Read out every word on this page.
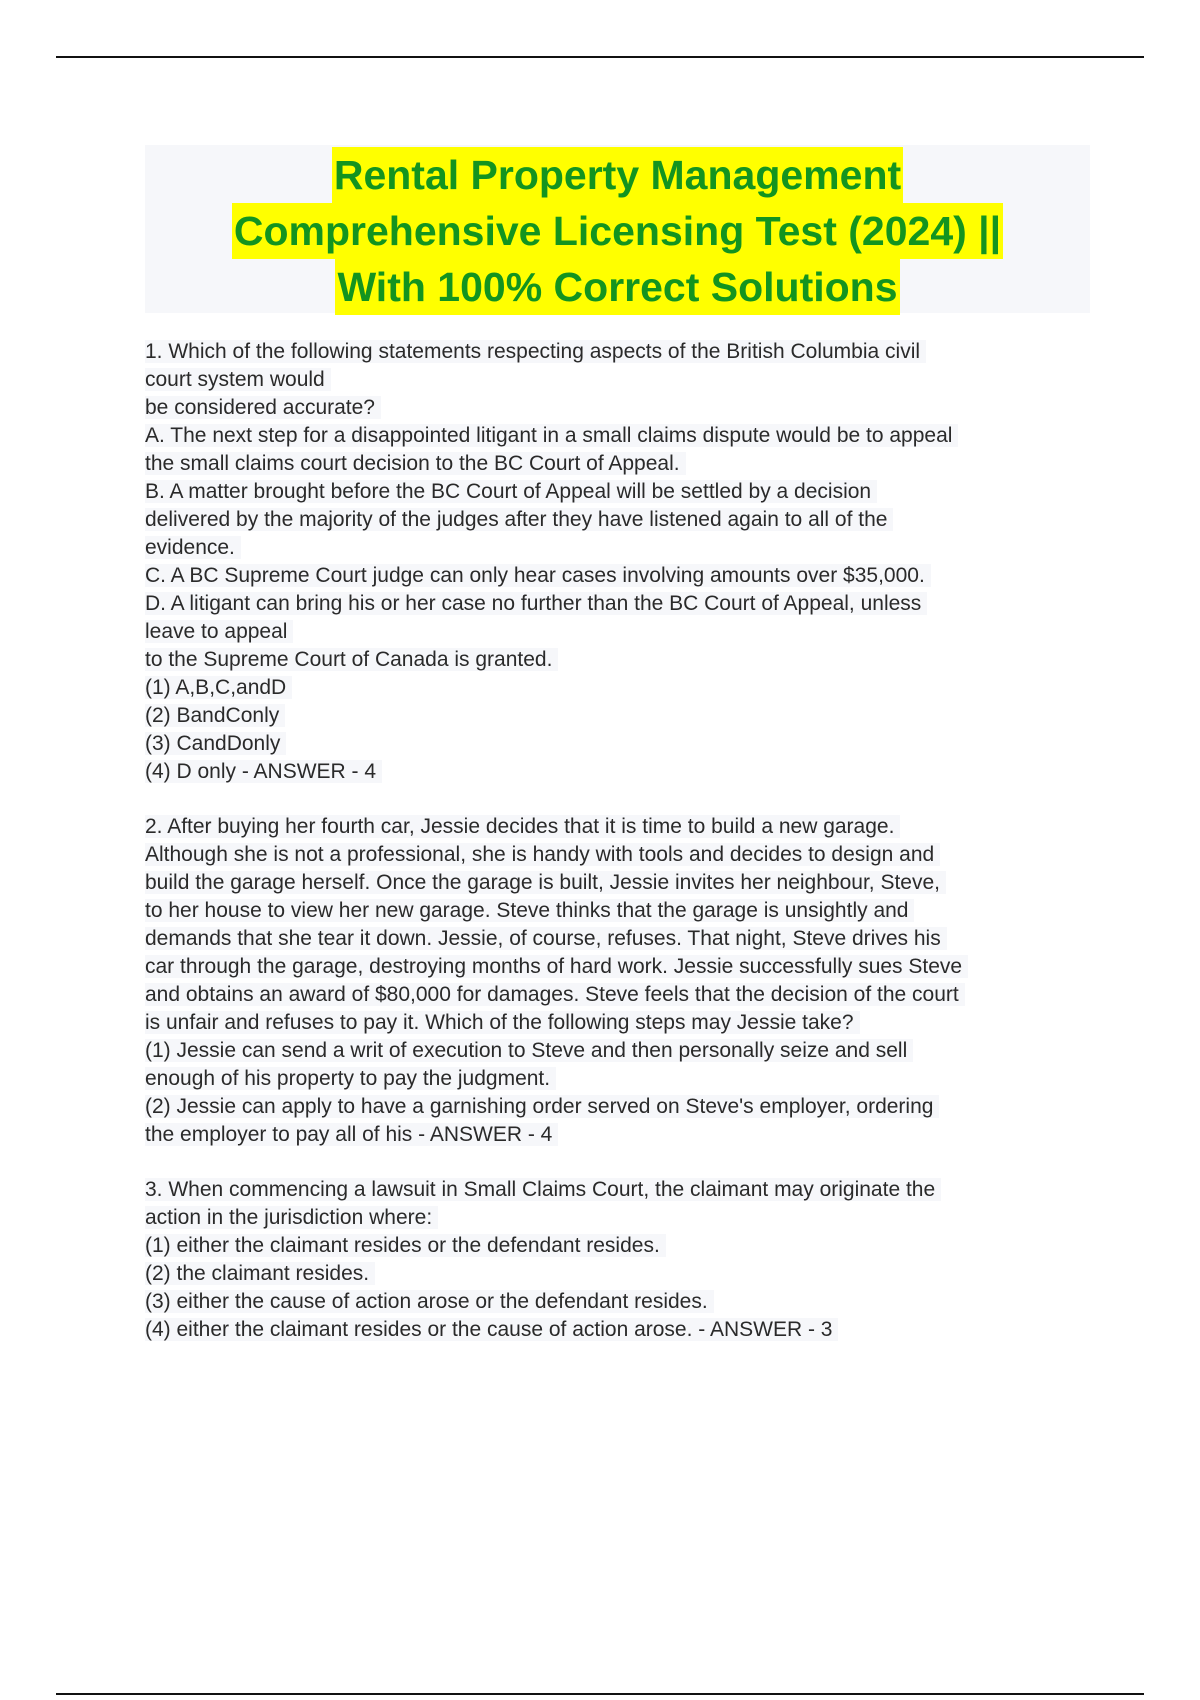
Rental Property Management
Comprehensive Licensing Test (2024) ||
With 100% Correct Solutions
1. Which of the following statements respecting aspects of the British Columbia civil
court system would
be considered accurate?
A. The next step for a disappointed litigant in a small claims dispute would be to appeal
the small claims court decision to the BC Court of Appeal.
B. A matter brought before the BC Court of Appeal will be settled by a decision
delivered by the majority of the judges after they have listened again to all of the
evidence.
C. A BC Supreme Court judge can only hear cases involving amounts over $35,000.
D. A litigant can bring his or her case no further than the BC Court of Appeal, unless
leave to appeal
to the Supreme Court of Canada is granted.
(1) A,B,C,andD
(2) BandConly
(3) CandDonly
(4) D only - ANSWER - 4
2. After buying her fourth car, Jessie decides that it is time to build a new garage.
Although she is not a professional, she is handy with tools and decides to design and
build the garage herself. Once the garage is built, Jessie invites her neighbour, Steve,
to her house to view her new garage. Steve thinks that the garage is unsightly and
demands that she tear it down. Jessie, of course, refuses. That night, Steve drives his
car through the garage, destroying months of hard work. Jessie successfully sues Steve
and obtains an award of $80,000 for damages. Steve feels that the decision of the court
is unfair and refuses to pay it. Which of the following steps may Jessie take?
(1) Jessie can send a writ of execution to Steve and then personally seize and sell
enough of his property to pay the judgment.
(2) Jessie can apply to have a garnishing order served on Steve's employer, ordering
the employer to pay all of his - ANSWER - 4
3. When commencing a lawsuit in Small Claims Court, the claimant may originate the
action in the jurisdiction where:
(1) either the claimant resides or the defendant resides.
(2) the claimant resides.
(3) either the cause of action arose or the defendant resides.
(4) either the claimant resides or the cause of action arose. - ANSWER - 3
